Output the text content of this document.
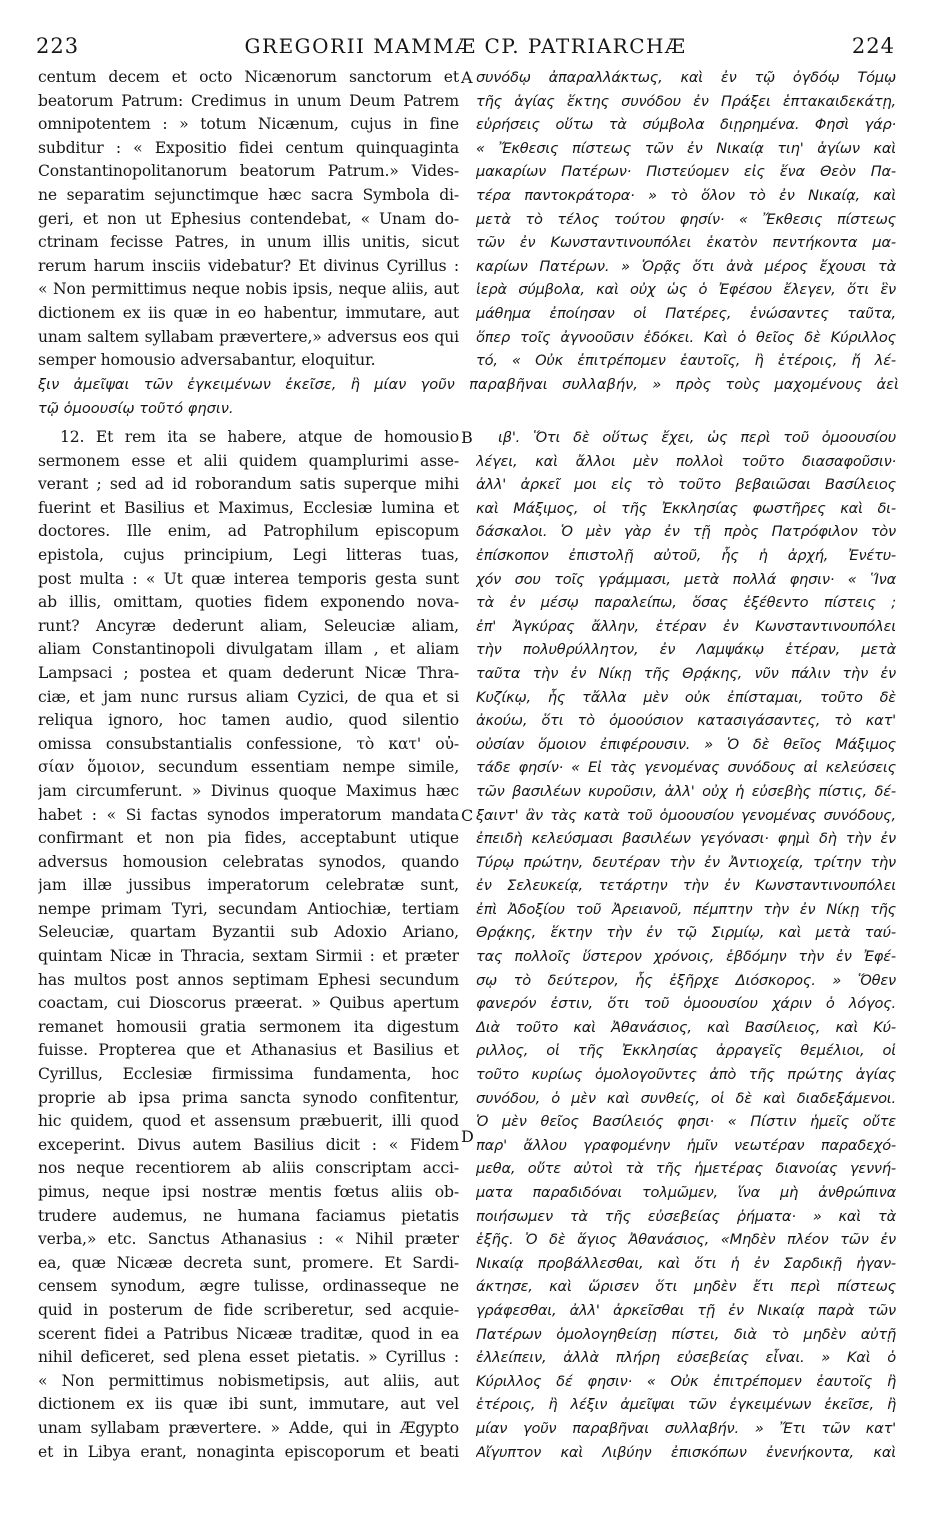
223	GREGORII MAMMÆ CP. PATRIARCHÆ	224
centum decem et octo Nicænorum sanctorum et
beatorum Patrum: Credimus in unum Deum Patrem
omnipotentem : » totum Nicænum, cujus in fine
subditur : « Expositio fidei centum quinquaginta
Constantinopolitanorum beatorum Patrum.» Vides-
ne separatim sejunctimque hæc sacra Symbola di-
geri, et non ut Ephesius contendebat, « Unam do-
ctrinam fecisse Patres, in unum illis unitis, sicut
rerum harum insciis videbatur? Et divinus Cyrillus :
« Non permittimus neque nobis ipsis, neque aliis, aut
dictionem ex iis quæ in eo habentur, immutare, aut
unam saltem syllabam prævertere,» adversus eos qui
semper homousio adversabantur, eloquitur.
συνόδῳ ἀπαραλλάκτως, καὶ ἐν τῷ ὀγδόῳ Τόμῳ
τῆς ἁγίας ἕκτης συνόδου ἐν Πράξει ἑπτακαιδεκάτῃ,
εὑρήσεις οὕτω τὰ σύμβολα διῃρημένα. Φησὶ γάρ·
« Ἔκθεσις πίστεως τῶν ἐν Νικαίᾳ τιη' ἁγίων καὶ
μακαρίων Πατέρων· Πιστεύομεν εἰς ἕνα Θεὸν Πα-
τέρα παντοκράτορα· » τὸ ὅλον τὸ ἐν Νικαίᾳ, καὶ
μετὰ τὸ τέλος τούτου φησίν· « Ἔκθεσις πίστεως
τῶν ἐν Κωνσταντινουπόλει ἑκατὸν πεντήκοντα μα-
καρίων Πατέρων. » Ὁρᾷς ὅτι ἀνὰ μέρος ἔχουσι τὰ
ἱερὰ σύμβολα, καὶ οὐχ ὡς ὁ Ἐφέσου ἔλεγεν, ὅτι ἓν
μάθημα ἐποίησαν οἱ Πατέρες, ἑνώσαντες ταῦτα,
ὅπερ τοῖς ἀγνοοῦσιν ἐδόκει. Καὶ ὁ θεῖος δὲ Κύριλλος
τό, « Οὐκ ἐπιτρέπομεν ἑαυτοῖς, ἢ ἑτέροις, ἤ λέ-
ξιν ἀμεῖψαι τῶν ἐγκειμένων ἐκεῖσε, ἢ μίαν γοῦν παραβῆναι συλλαβήν, » πρὸς τοὺς μαχομένους ἀεὶ
τῷ ὁμοουσίῳ τοῦτό φησιν.
12. Et rem ita se habere, atque de homousio
sermonem esse et alii quidem quamplurimi asse-
verant ; sed ad id roborandum satis superque mihi
fuerint et Basilius et Maximus, Ecclesiæ lumina et
doctores. Ille enim, ad Patrophilum episcopum
epistola, cujus principium, Legi litteras tuas,
post multa : « Ut quæ interea temporis gesta sunt
ab illis, omittam, quoties fidem exponendo nova-
runt? Ancyræ dederunt aliam, Seleuciæ aliam,
aliam Constantinopoli divulgatam illam , et aliam
Lampsaci ; postea et quam dederunt Nicæ Thra-
ciæ, et jam nunc rursus aliam Cyzici, de qua et si
reliqua ignoro, hoc tamen audio, quod silentio
omissa consubstantialis confessione, τὸ κατ' οὐ-
σίαν ὅμοιον, secundum essentiam nempe simile,
jam circumferunt. » Divinus quoque Maximus hæc
habet : « Si factas synodos imperatorum mandata
confirmant et non pia fides, acceptabunt utique
adversus homousion celebratas synodos, quando
jam illæ jussibus imperatorum celebratæ sunt,
nempe primam Tyri, secundam Antiochiæ, tertiam
Seleuciæ, quartam Byzantii sub Adoxio Ariano,
quintam Nicæ in Thracia, sextam Sirmii : et præter
has multos post annos septimam Ephesi secundum
coactam, cui Dioscorus præerat. » Quibus apertum
remanet homousii gratia sermonem ita digestum
fuisse. Propterea que et Athanasius et Basilius et
Cyrillus, Ecclesiæ firmissima fundamenta, hoc
proprie ab ipsa prima sancta synodo confitentur,
hic quidem, quod et assensum præbuerit, illi quod
exceperint. Divus autem Basilius dicit : « Fidem
nos neque recentiorem ab aliis conscriptam acci-
pimus, neque ipsi nostræ mentis fœtus aliis ob-
trudere audemus, ne humana faciamus pietatis
verba,» etc. Sanctus Athanasius : « Nihil præter
ea, quæ Nicææ decreta sunt, promere. Et Sardi-
censem synodum, ægre tulisse, ordinasseque ne
quid in posterum de fide scriberetur, sed acquie-
scerent fidei a Patribus Nicææ traditæ, quod in ea
nihil deficeret, sed plena esset pietatis. » Cyrillus :
« Non permittimus nobismetipsis, aut aliis, aut
dictionem ex iis quæ ibi sunt, immutare, aut vel
unam syllabam prævertere. » Adde, qui in Ægypto
et in Libya erant, nonaginta episcoporum et beati
ιβ'. Ὅτι δὲ οὕτως ἔχει, ὡς περὶ τοῦ ὁμοουσίου
λέγει, καὶ ἄλλοι μὲν πολλοὶ τοῦτο διασαφοῦσιν·
ἀλλ' ἀρκεῖ μοι εἰς τὸ τοῦτο βεβαιῶσαι Βασίλειος
καὶ Μάξιμος, οἱ τῆς Ἐκκλησίας φωστῆρες καὶ δι-
δάσκαλοι. Ὁ μὲν γὰρ ἐν τῇ πρὸς Πατρόφιλον τὸν
ἐπίσκοπον ἐπιστολῇ αὐτοῦ, ἧς ἡ ἀρχή, Ἐνέτυ-
χόν σου τοῖς γράμμασι, μετὰ πολλά φησιν· « Ἵνα
τὰ ἐν μέσῳ παραλείπω, ὅσας ἐξέθεντο πίστεις ;
ἐπ' Ἀγκύρας ἄλλην, ἑτέραν ἐν Κωνσταντινουπόλει
τὴν πολυθρύλλητον, ἐν Λαμψάκῳ ἑτέραν, μετὰ
ταῦτα τὴν ἐν Νίκῃ τῆς Θρᾴκης, νῦν πάλιν τὴν ἐν
Κυζίκῳ, ἧς τἄλλα μὲν οὐκ ἐπίσταμαι, τοῦτο δὲ
ἀκούω, ὅτι τὸ ὁμοούσιον κατασιγάσαντες, τὸ κατ'
οὐσίαν ὅμοιον ἐπιφέρουσιν. » Ὁ δὲ θεῖος Μάξιμος
τάδε φησίν· « Εἰ τὰς γενομένας συνόδους αἱ κελεύσεις
τῶν βασιλέων κυροῦσιν, ἀλλ' οὐχ ἡ εὐσεβὴς πίστις, δέ-
ξαιντ' ἂν τὰς κατὰ τοῦ ὁμοουσίου γενομένας συνόδους,
ἐπειδὴ κελεύσμασι βασιλέων γεγόνασι· φημὶ δὴ τὴν ἐν
Τύρῳ πρώτην, δευτέραν τὴν ἐν Ἀντιοχείᾳ, τρίτην τὴν
ἐν Σελευκείᾳ, τετάρτην τὴν ἐν Κωνσταντινουπόλει
ἐπὶ Ἀδοξίου τοῦ Ἀρειανοῦ, πέμπτην τὴν ἐν Νίκῃ τῆς
Θρᾴκης, ἕκτην τὴν ἐν τῷ Σιρμίῳ, καὶ μετὰ ταύ-
τας πολλοῖς ὕστερον χρόνοις, ἑβδόμην τὴν ἐν Ἐφέ-
σῳ τὸ δεύτερον, ἧς ἐξῆρχε Διόσκορος. » Ὅθεν
φανερόν ἐστιν, ὅτι τοῦ ὁμοουσίου χάριν ὁ λόγος.
Διὰ τοῦτο καὶ Ἀθανάσιος, καὶ Βασίλειος, καὶ Κύ-
ριλλος, οἱ τῆς Ἐκκλησίας ἀρραγεῖς θεμέλιοι, οἱ
τοῦτο κυρίως ὁμολογοῦντες ἀπὸ τῆς πρώτης ἁγίας
συνόδου, ὁ μὲν καὶ συνθείς, οἱ δὲ καὶ διαδεξάμενοι.
Ὁ μὲν θεῖος Βασίλειός φησι· « Πίστιν ἡμεῖς οὔτε
παρ' ἄλλου γραφομένην ἡμῖν νεωτέραν παραδεχό-
μεθα, οὔτε αὐτοὶ τὰ τῆς ἡμετέρας διανοίας γεννή-
ματα παραδιδόναι τολμῶμεν, ἵνα μὴ ἀνθρώπινα
ποιήσωμεν τὰ τῆς εὐσεβείας ῥήματα· » καὶ τὰ
ἑξῆς. Ὁ δὲ ἅγιος Ἀθανάσιος, «Μηδὲν πλέον τῶν ἐν
Νικαίᾳ προβάλλεσθαι, καὶ ὅτι ἡ ἐν Σαρδικῇ ἠγαν-
άκτησε, καὶ ὥρισεν ὅτι μηδὲν ἔτι περὶ πίστεως
γράφεσθαι, ἀλλ' ἀρκεῖσθαι τῇ ἐν Νικαίᾳ παρὰ τῶν
Πατέρων ὁμολογηθείσῃ πίστει, διὰ τὸ μηδὲν αὐτῇ
ἐλλείπειν, ἀλλὰ πλήρη εὐσεβείας εἶναι. » Καὶ ὁ
Κύριλλος δέ φησιν· « Οὐκ ἐπιτρέπομεν ἑαυτοῖς ἢ
ἑτέροις, ἢ λέξιν ἀμεῖψαι τῶν ἐγκειμένων ἐκεῖσε, ἢ
μίαν γοῦν παραβῆναι συλλαβήν. » Ἔτι τῶν κατ'
Αἴγυπτον καὶ Λιβύην ἐπισκόπων ἐνενήκοντα, καὶ
A
B
C
D
